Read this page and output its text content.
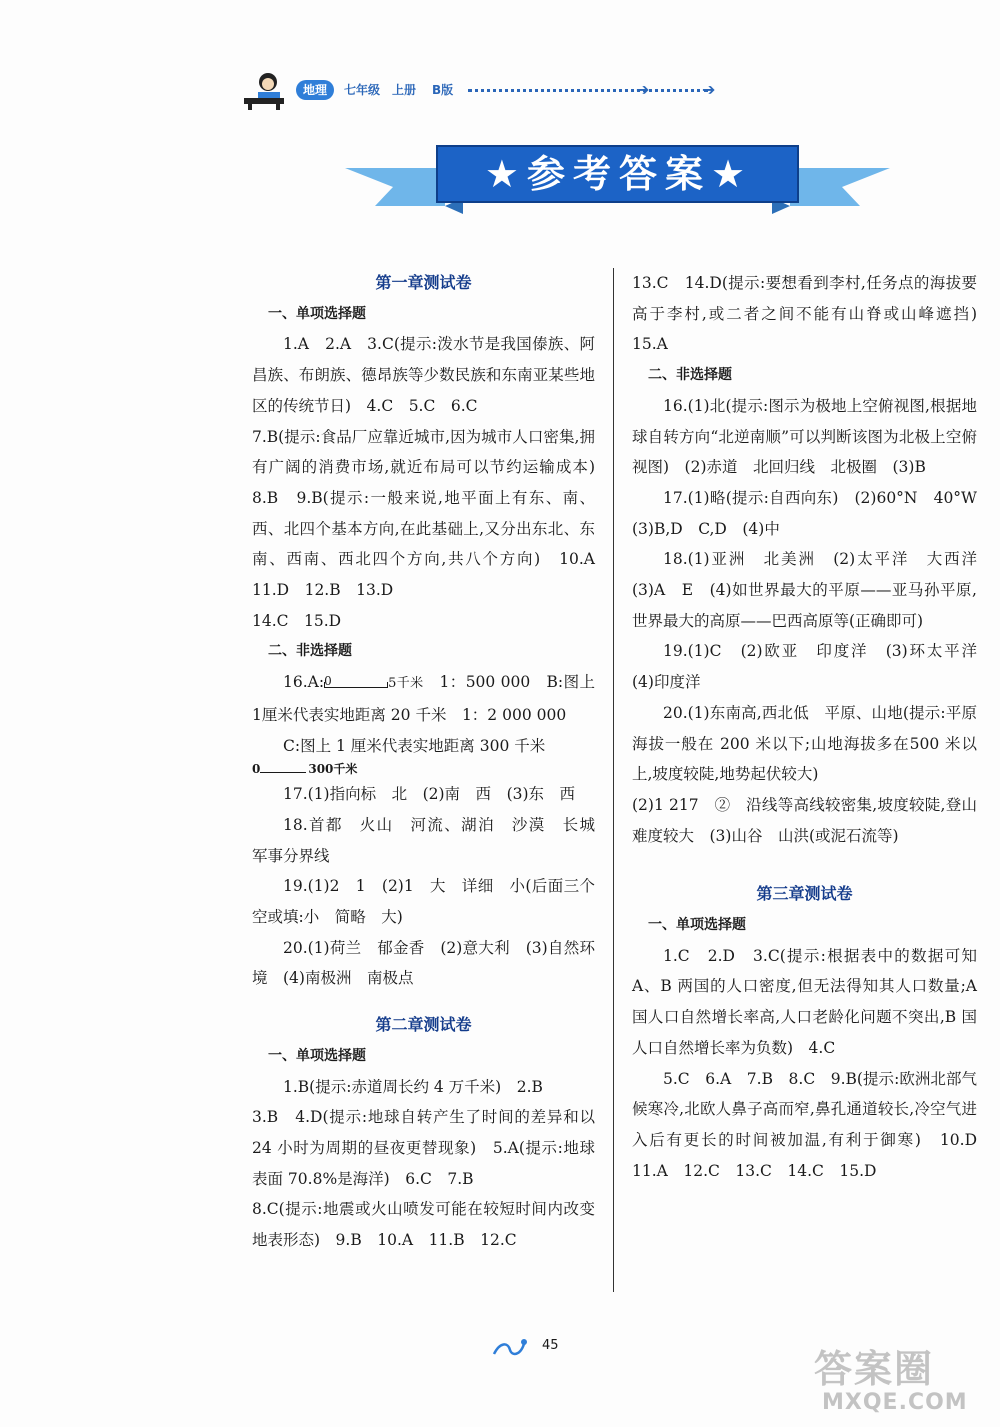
地理	七年级 上册 B版	➔	➔
★参考答案★

第一章测试卷

一、单项选择题

1.A　2.A　3.C(提示:泼水节是我国傣族、阿昌族、布朗族、德昂族等少数民族和东南亚某些地区的传统节日)　4.C　5.C　6.C

7.B(提示:食品厂应靠近城市,因为城市人口密集,拥有广阔的消费市场,就近布局可以节约运输成本)　8.B　9.B(提示:一般来说,地平面上有东、南、西、北四个基本方向,在此基础上,又分出东北、东南、西南、西北四个方向,共八个方向)　10.A　11.D　12.B　13.D

14.C　15.D

二、非选择题

16.A: 0	5千米　1：500 000　B:图上1厘米代表实地距离 20 千米　1：2 000 000

C:图上 1 厘米代表实地距离 300 千米

0	300千米

17.(1)指向标　北　(2)南　西　(3)东　西

18.首都　火山　河流、湖泊　沙漠　长城　军事分界线

19.(1)2　1　(2)1　大　详细　小(后面三个空或填:小　简略　大)

20.(1)荷兰　郁金香　(2)意大利　(3)自然环境　(4)南极洲　南极点

第二章测试卷

一、单项选择题

1.B(提示:赤道周长约 4 万千米)　2.B

3.B　4.D(提示:地球自转产生了时间的差异和以 24 小时为周期的昼夜更替现象)　5.A(提示:地球表面 70.8%是海洋)　6.C　7.B

8.C(提示:地震或火山喷发可能在较短时间内改变地表形态)　9.B　10.A　11.B　12.C

13.C　14.D(提示:要想看到李村,任务点的海拔要高于李村,或二者之间不能有山脊或山峰遮挡)　15.A

二、非选择题

16.(1)北(提示:图示为极地上空俯视图,根据地球自转方向“北逆南顺”可以判断该图为北极上空俯视图)　(2)赤道　北回归线　北极圈　(3)B

17.(1)略(提示:自西向东)　(2)60°N　40°W　(3)B,D　C,D　(4)中

18.(1)亚洲　北美洲　(2)太平洋　大西洋　(3)A　E　(4)如世界最大的平原——亚马孙平原,世界最大的高原——巴西高原等(正确即可)

19.(1)C　(2)欧亚　印度洋　(3)环太平洋　(4)印度洋

20.(1)东南高,西北低　平原、山地(提示:平原海拔一般在 200 米以下;山地海拔多在500 米以上,坡度较陡,地势起伏较大)

(2)1 217　②　沿线等高线较密集,坡度较陡,登山难度较大　(3)山谷　山洪(或泥石流等)

第三章测试卷

一、单项选择题

1.C　2.D　3.C(提示:根据表中的数据可知 A、B 两国的人口密度,但无法得知其人口数量;A 国人口自然增长率高,人口老龄化问题不突出,B 国人口自然增长率为负数)　4.C

5.C　6.A　7.B　8.C　9.B(提示:欧洲北部气候寒冷,北欧人鼻子高而窄,鼻孔通道较长,冷空气进入后有更长的时间被加温,有利于御寒)　10.D　11.A　12.C　13.C　14.C　15.D

45
答案圈
MXQE.COM
